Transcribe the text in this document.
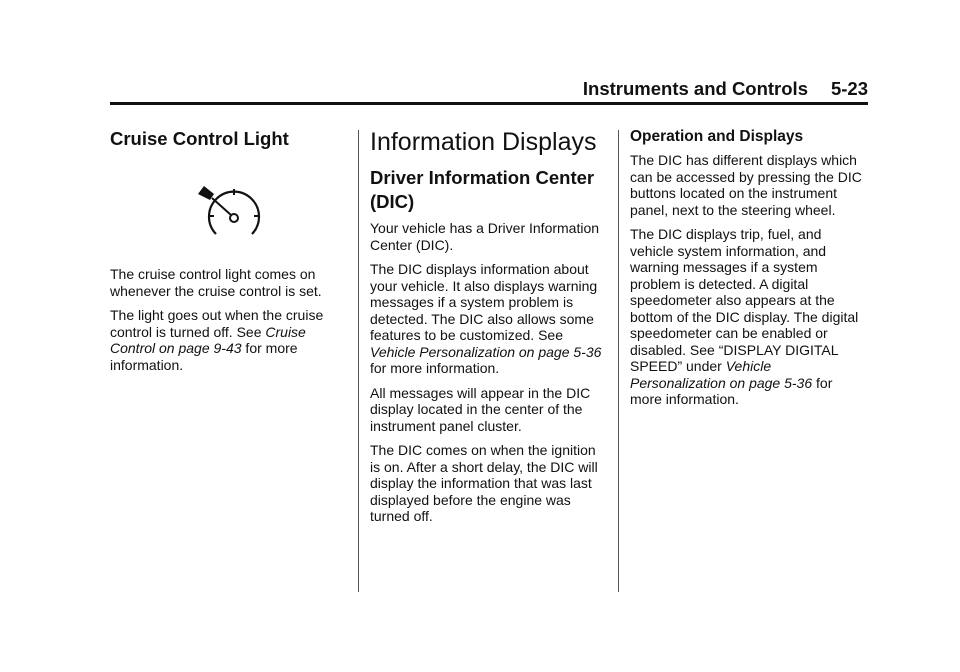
Instruments and Controls 5-23
Cruise Control Light

The cruise control light comes on whenever the cruise control is set.

The light goes out when the cruise control is turned off. See Cruise Control on page 9-43 for more information.

Information Displays
Driver Information Center (DIC)

Your vehicle has a Driver Information Center (DIC).

The DIC displays information about your vehicle. It also displays warning messages if a system problem is detected. The DIC also allows some features to be customized. See Vehicle Personalization on page 5-36 for more information.

All messages will appear in the DIC display located in the center of the instrument panel cluster.

The DIC comes on when the ignition is on. After a short delay, the DIC will display the information that was last displayed before the engine was turned off.

Operation and Displays

The DIC has different displays which can be accessed by pressing the DIC buttons located on the instrument panel, next to the steering wheel.

The DIC displays trip, fuel, and vehicle system information, and warning messages if a system problem is detected. A digital speedometer also appears at the bottom of the DIC display. The digital speedometer can be enabled or disabled. See “DISPLAY DIGITAL SPEED” under Vehicle Personalization on page 5-36 for more information.
